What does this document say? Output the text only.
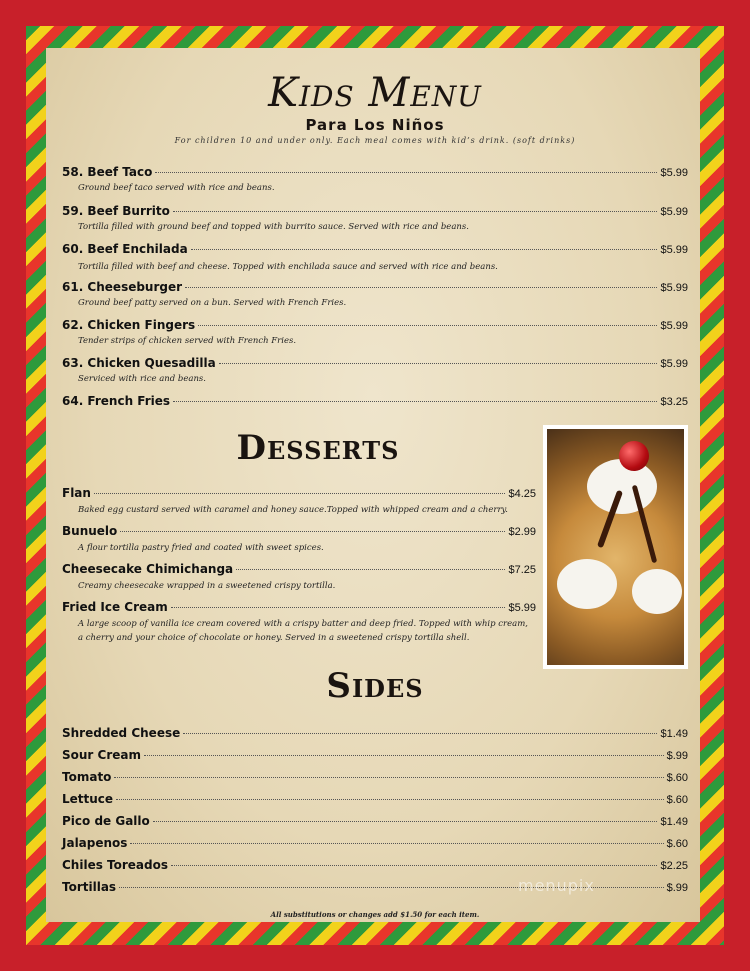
Kids Menu
Para Los Niños
For children 10 and under only. Each meal comes with kid’s drink. (soft drinks)
58. Beef Taco	$5.99
Ground beef taco served with rice and beans.
59. Beef Burrito	$5.99
Tortilla filled with ground beef and topped with burrito sauce. Served with rice and beans.
60. Beef Enchilada	$5.99
Tortilla filled with beef and cheese. Topped with enchilada sauce and served with rice and beans.
61. Cheeseburger	$5.99
Ground beef patty served on a bun. Served with French Fries.
62. Chicken Fingers	$5.99
Tender strips of chicken served with French Fries.
63. Chicken Quesadilla	$5.99
Serviced with rice and beans.
64. French Fries	$3.25
Desserts
Flan	$4.25
Baked egg custard served with caramel and honey sauce.Topped with whipped cream and a cherry.
Bunuelo	$2.99
A flour tortilla pastry fried and coated with sweet spices.
Cheesecake Chimichanga	$7.25
Creamy cheesecake wrapped in a sweetened crispy tortilla.
Fried Ice Cream	$5.99
A large scoop of vanilla ice cream covered with a crispy batter and deep fried. Topped with whip cream,
a cherry and your choice of chocolate or honey. Served in a sweetened crispy tortilla shell.
Sides
Shredded Cheese	$1.49
Sour Cream	$.99
Tomato	$.60
Lettuce	$.60
Pico de Gallo	$1.49
Jalapenos	$.60
Chiles Toreados	$2.25
Tortillas	$.99
menupix
All substitutions or changes add $1.50 for each item.
